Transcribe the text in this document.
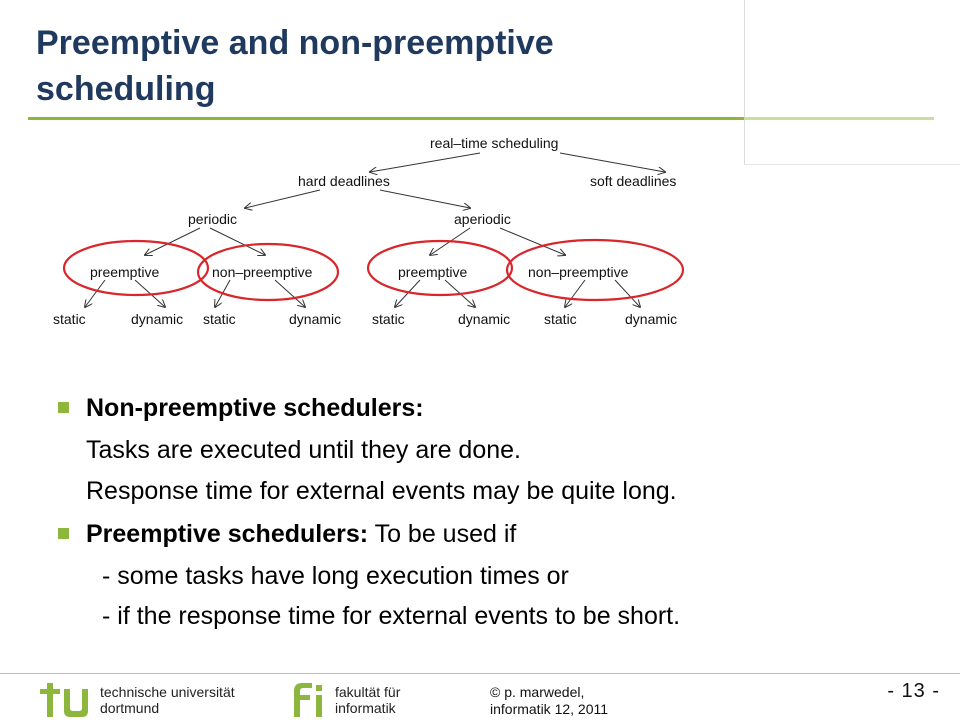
Preemptive and non-preemptive scheduling
real–time scheduling
hard deadlines	soft deadlines
periodic	aperiodic
preemptive	non–preemptive	preemptive	non–preemptive
static	dynamic static	dynamic static	dynamic static	dynamic
Non-preemptive schedulers:
Tasks are executed until they are done.
Response time for external events may be quite long.
Preemptive schedulers: To be used if
- some tasks have long execution times or
- if the response time for external events to be short.
technische universität
dortmund
fakultät für
informatik
© p. marwedel,
informatik 12, 2011
- 13 -
